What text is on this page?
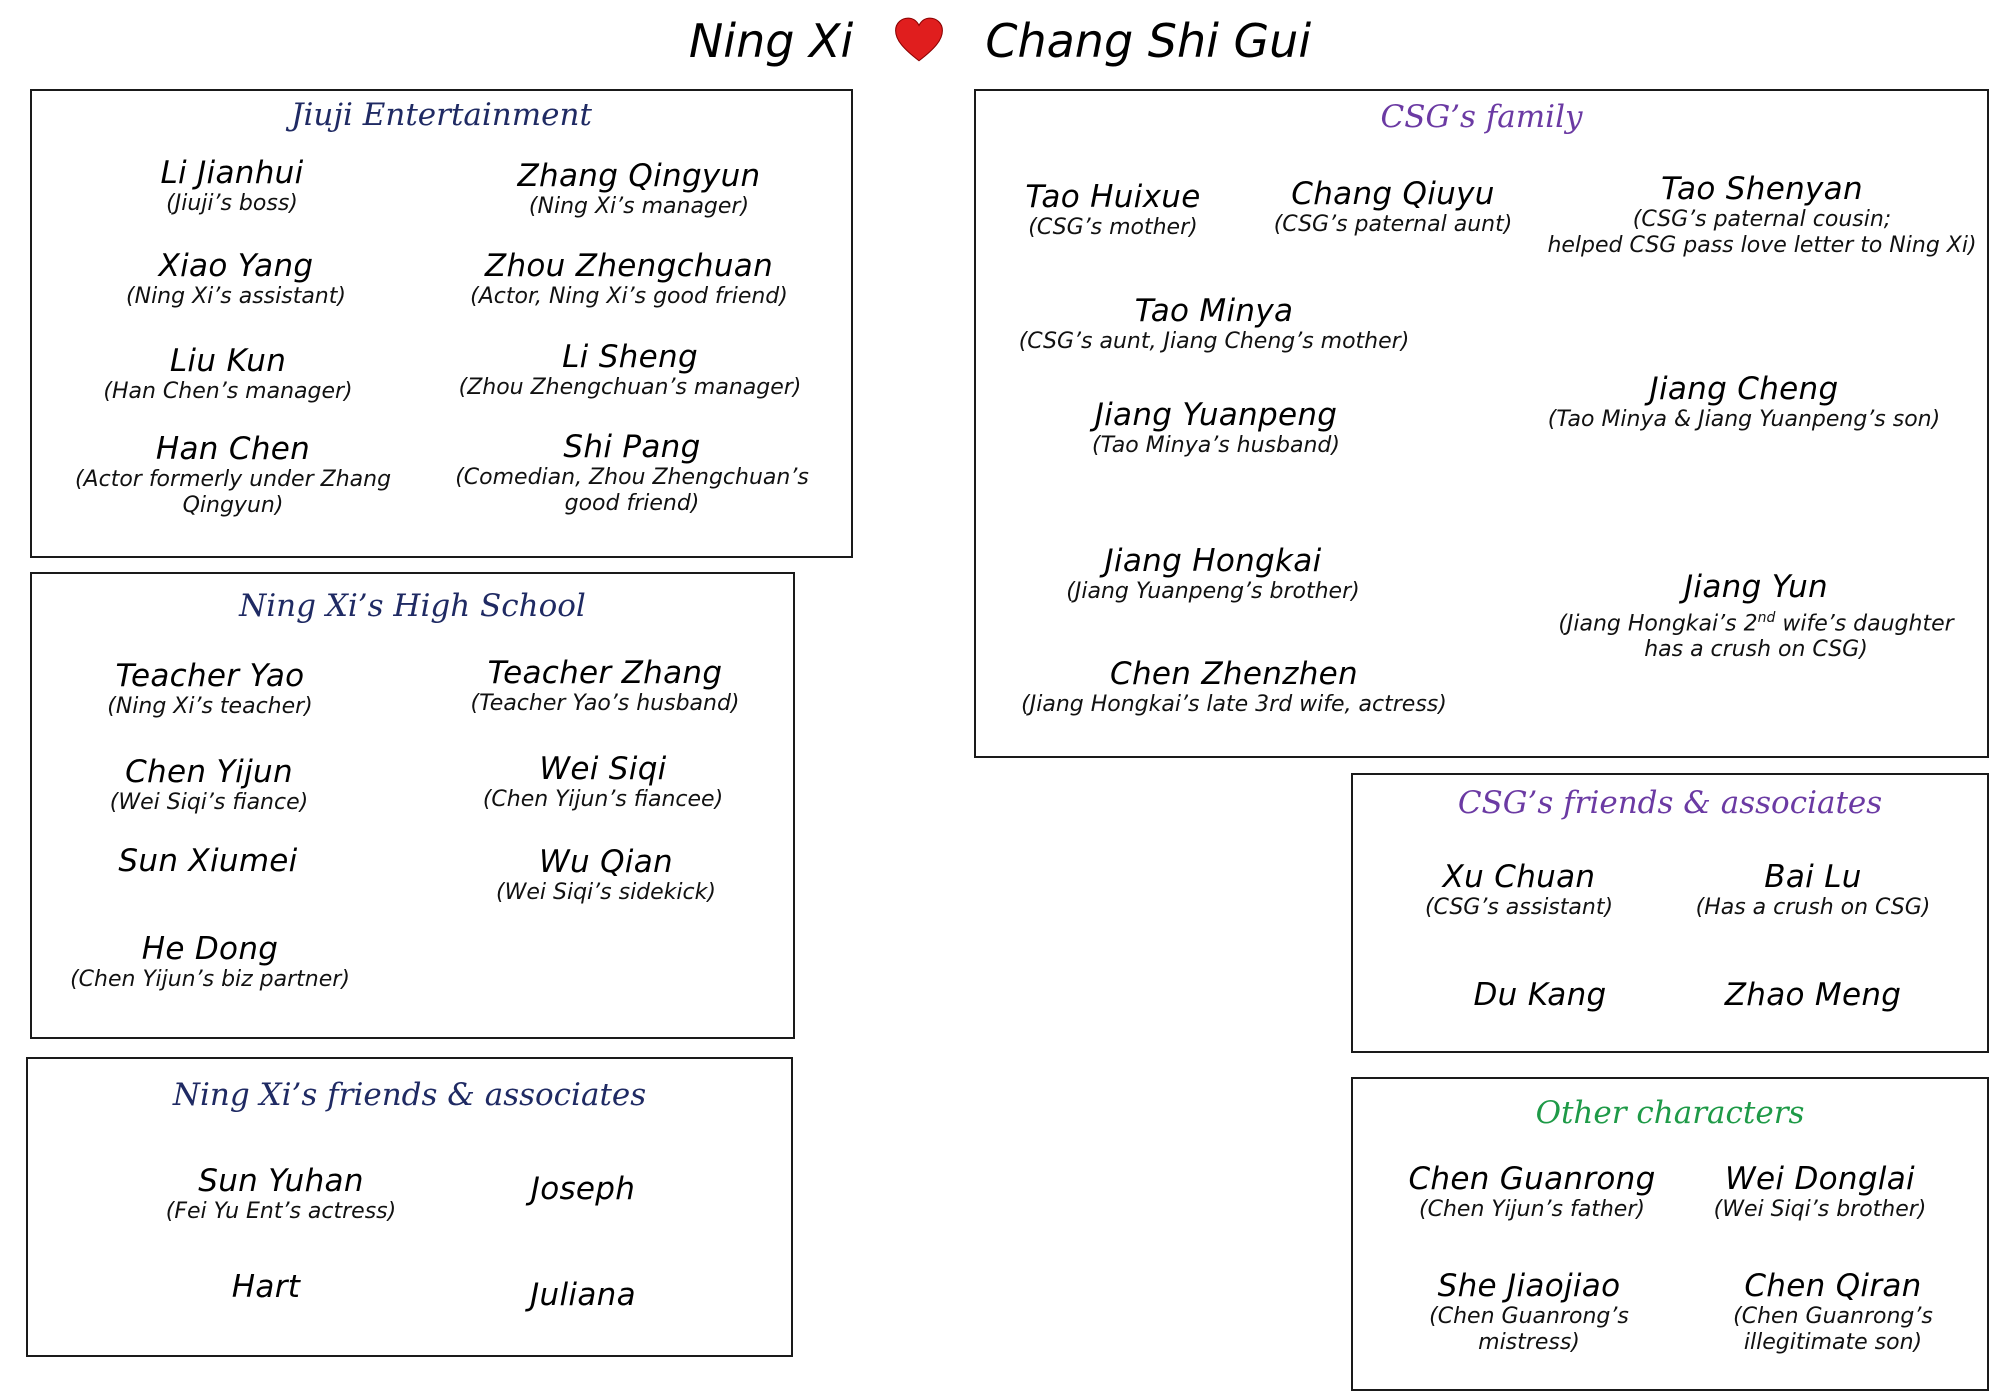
Ning Xi	Chang Shi Gui
Jiuji Entertainment
Li Jianhui
(Jiuji’s boss)
Zhang Qingyun
(Ning Xi’s manager)
Xiao Yang
(Ning Xi’s assistant)
Zhou Zhengchuan
(Actor, Ning Xi’s good friend)
Liu Kun
(Han Chen’s manager)
Li Sheng
(Zhou Zhengchuan’s manager)
Han Chen
(Actor formerly under Zhang
Qingyun)
Shi Pang
(Comedian, Zhou Zhengchuan’s
good friend)
Ning Xi’s High School
Teacher Yao
(Ning Xi’s teacher)
Teacher Zhang
(Teacher Yao’s husband)
Chen Yijun
(Wei Siqi’s fiance)
Wei Siqi
(Chen Yijun’s fiancee)
Sun Xiumei	Wu Qian
(Wei Siqi’s sidekick)
He Dong
(Chen Yijun’s biz partner)
Ning Xi’s friends & associates
Sun Yuhan
(Fei Yu Ent’s actress)
Joseph
Hart	Juliana
CSG’s family
Tao Huixue
(CSG’s mother)
Chang Qiuyu
(CSG’s paternal aunt)
Tao Shenyan
(CSG’s paternal cousin;
helped CSG pass love letter to Ning Xi)
Tao Minya
(CSG’s aunt, Jiang Cheng’s mother)
Jiang Yuanpeng
(Tao Minya’s husband)
Jiang Cheng
(Tao Minya & Jiang Yuanpeng’s son)
Jiang Hongkai
(Jiang Yuanpeng’s brother)	Jiang Yun
(Jiang Hongkai’s 2nd wife’s daughter
has a crush on CSG)
Chen Zhenzhen
(Jiang Hongkai’s late 3rd wife, actress)
CSG’s friends & associates
Xu Chuan
(CSG’s assistant)
Bai Lu
(Has a crush on CSG)
Du Kang	Zhao Meng
Other characters
Chen Guanrong
(Chen Yijun’s father)
Wei Donglai
(Wei Siqi’s brother)
She Jiaojiao
(Chen Guanrong’s
mistress)
Chen Qiran
(Chen Guanrong’s
illegitimate son)
